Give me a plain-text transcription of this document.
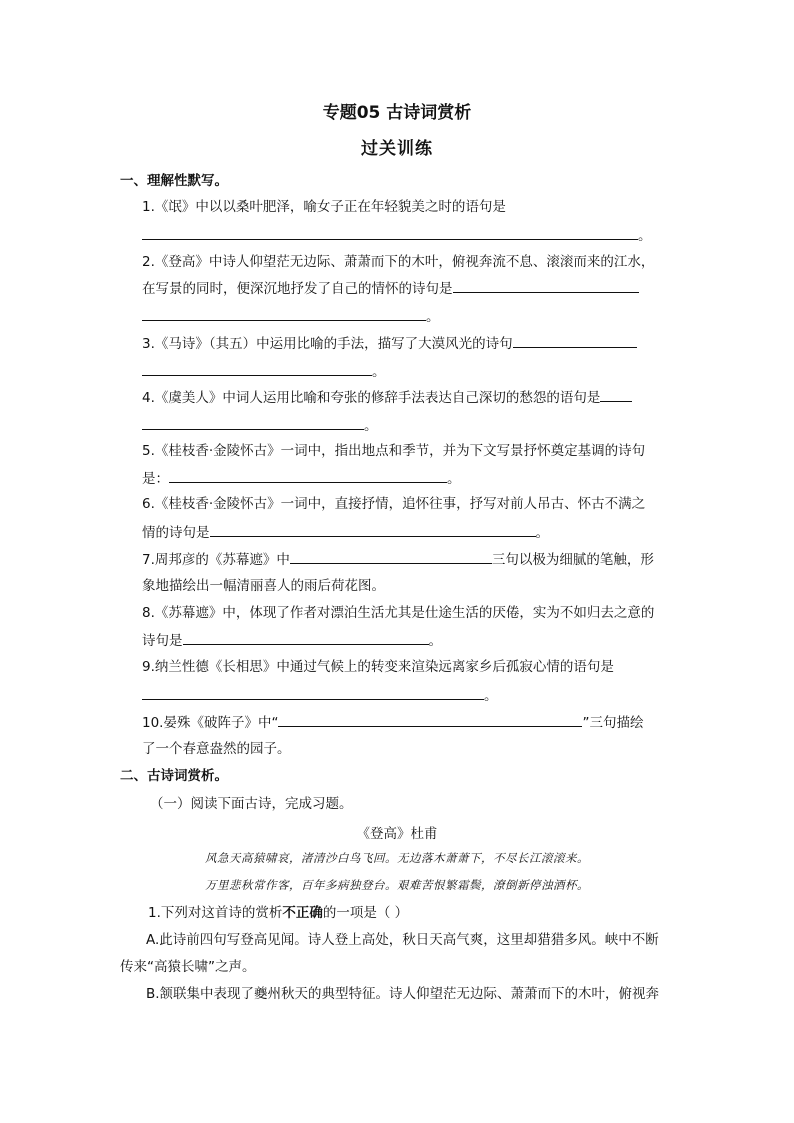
专题05 古诗词赏析
过关训练
一、理解性默写。
1.《氓》中以以桑叶肥泽，喻女子正在年轻貌美之时的语句是
。
2.《登高》中诗人仰望茫无边际、萧萧而下的木叶，俯视奔流不息、滚滚而来的江水，
在写景的同时，便深沉地抒发了自己的情怀的诗句是
。
3.《马诗》（其五）中运用比喻的手法，描写了大漠风光的诗句
。
4.《虞美人》中词人运用比喻和夸张的修辞手法表达自己深切的愁怨的语句是
。
5.《桂枝香·金陵怀古》一词中，指出地点和季节，并为下文写景抒怀奠定基调的诗句
是：	。
6.《桂枝香·金陵怀古》一词中，直接抒情，追怀往事，抒写对前人吊古、怀古不满之
情的诗句是	。
7.周邦彦的《苏幕遮》中	三句以极为细腻的笔触，形
象地描绘出一幅清丽喜人的雨后荷花图。
8.《苏幕遮》中，体现了作者对漂泊生活尤其是仕途生活的厌倦，实为不如归去之意的
诗句是	。
9.纳兰性德《长相思》中通过气候上的转变来渲染远离家乡后孤寂心情的语句是
。
10.晏殊《破阵子》中“	”三句描绘
了一个春意盎然的园子。
二、古诗词赏析。
（一）阅读下面古诗，完成习题。
《登高》杜甫
风急天高猿啸哀，渚清沙白鸟飞回。无边落木萧萧下，不尽长江滚滚来。
万里悲秋常作客，百年多病独登台。艰难苦恨繁霜鬓，潦倒新停浊酒杯。
1.下列对这首诗的赏析不正确的一项是（ ）
A.此诗前四句写登高见闻。诗人登上高处，秋日天高气爽，这里却猎猎多风。峡中不断
传来“高猿长啸”之声。
B.颔联集中表现了夔州秋天的典型特征。诗人仰望茫无边际、萧萧而下的木叶，俯视奔
